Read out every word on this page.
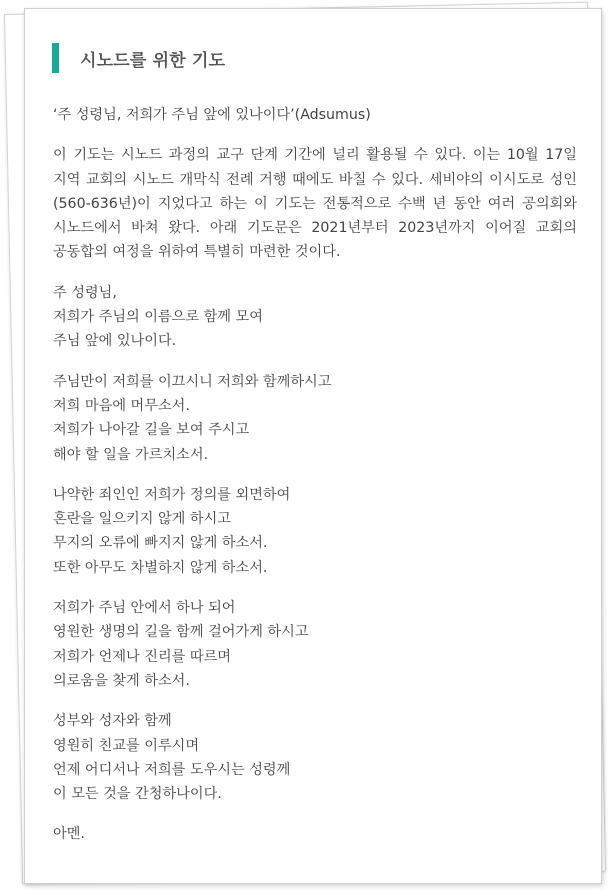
시노드를 위한 기도

‘주 성령님, 저희가 주님 앞에 있나이다’(Adsumus)

이 기도는 시노드 과정의 교구 단계 기간에 널리 활용될 수 있다. 이는 10월 17일 지역 교회의 시노드 개막식 전례 거행 때에도 바칠 수 있다. 세비야의 이시도로 성인(560-636년)이 지었다고 하는 이 기도는 전통적으로 수백 년 동안 여러 공의회와 시노드에서 바쳐 왔다. 아래 기도문은 2021년부터 2023년까지 이어질 교회의 공동합의 여정을 위하여 특별히 마련한 것이다.

주 성령님,
저희가 주님의 이름으로 함께 모여
주님 앞에 있나이다.

주님만이 저희를 이끄시니 저희와 함께하시고
저희 마음에 머무소서.
저희가 나아갈 길을 보여 주시고
해야 할 일을 가르치소서.

나약한 죄인인 저희가 정의를 외면하여
혼란을 일으키지 않게 하시고
무지의 오류에 빠지지 않게 하소서.
또한 아무도 차별하지 않게 하소서.

저희가 주님 안에서 하나 되어
영원한 생명의 길을 함께 걸어가게 하시고
저희가 언제나 진리를 따르며
의로움을 찾게 하소서.

성부와 성자와 함께
영원히 친교를 이루시며
언제 어디서나 저희를 도우시는 성령께
이 모든 것을 간청하나이다.

아멘.
